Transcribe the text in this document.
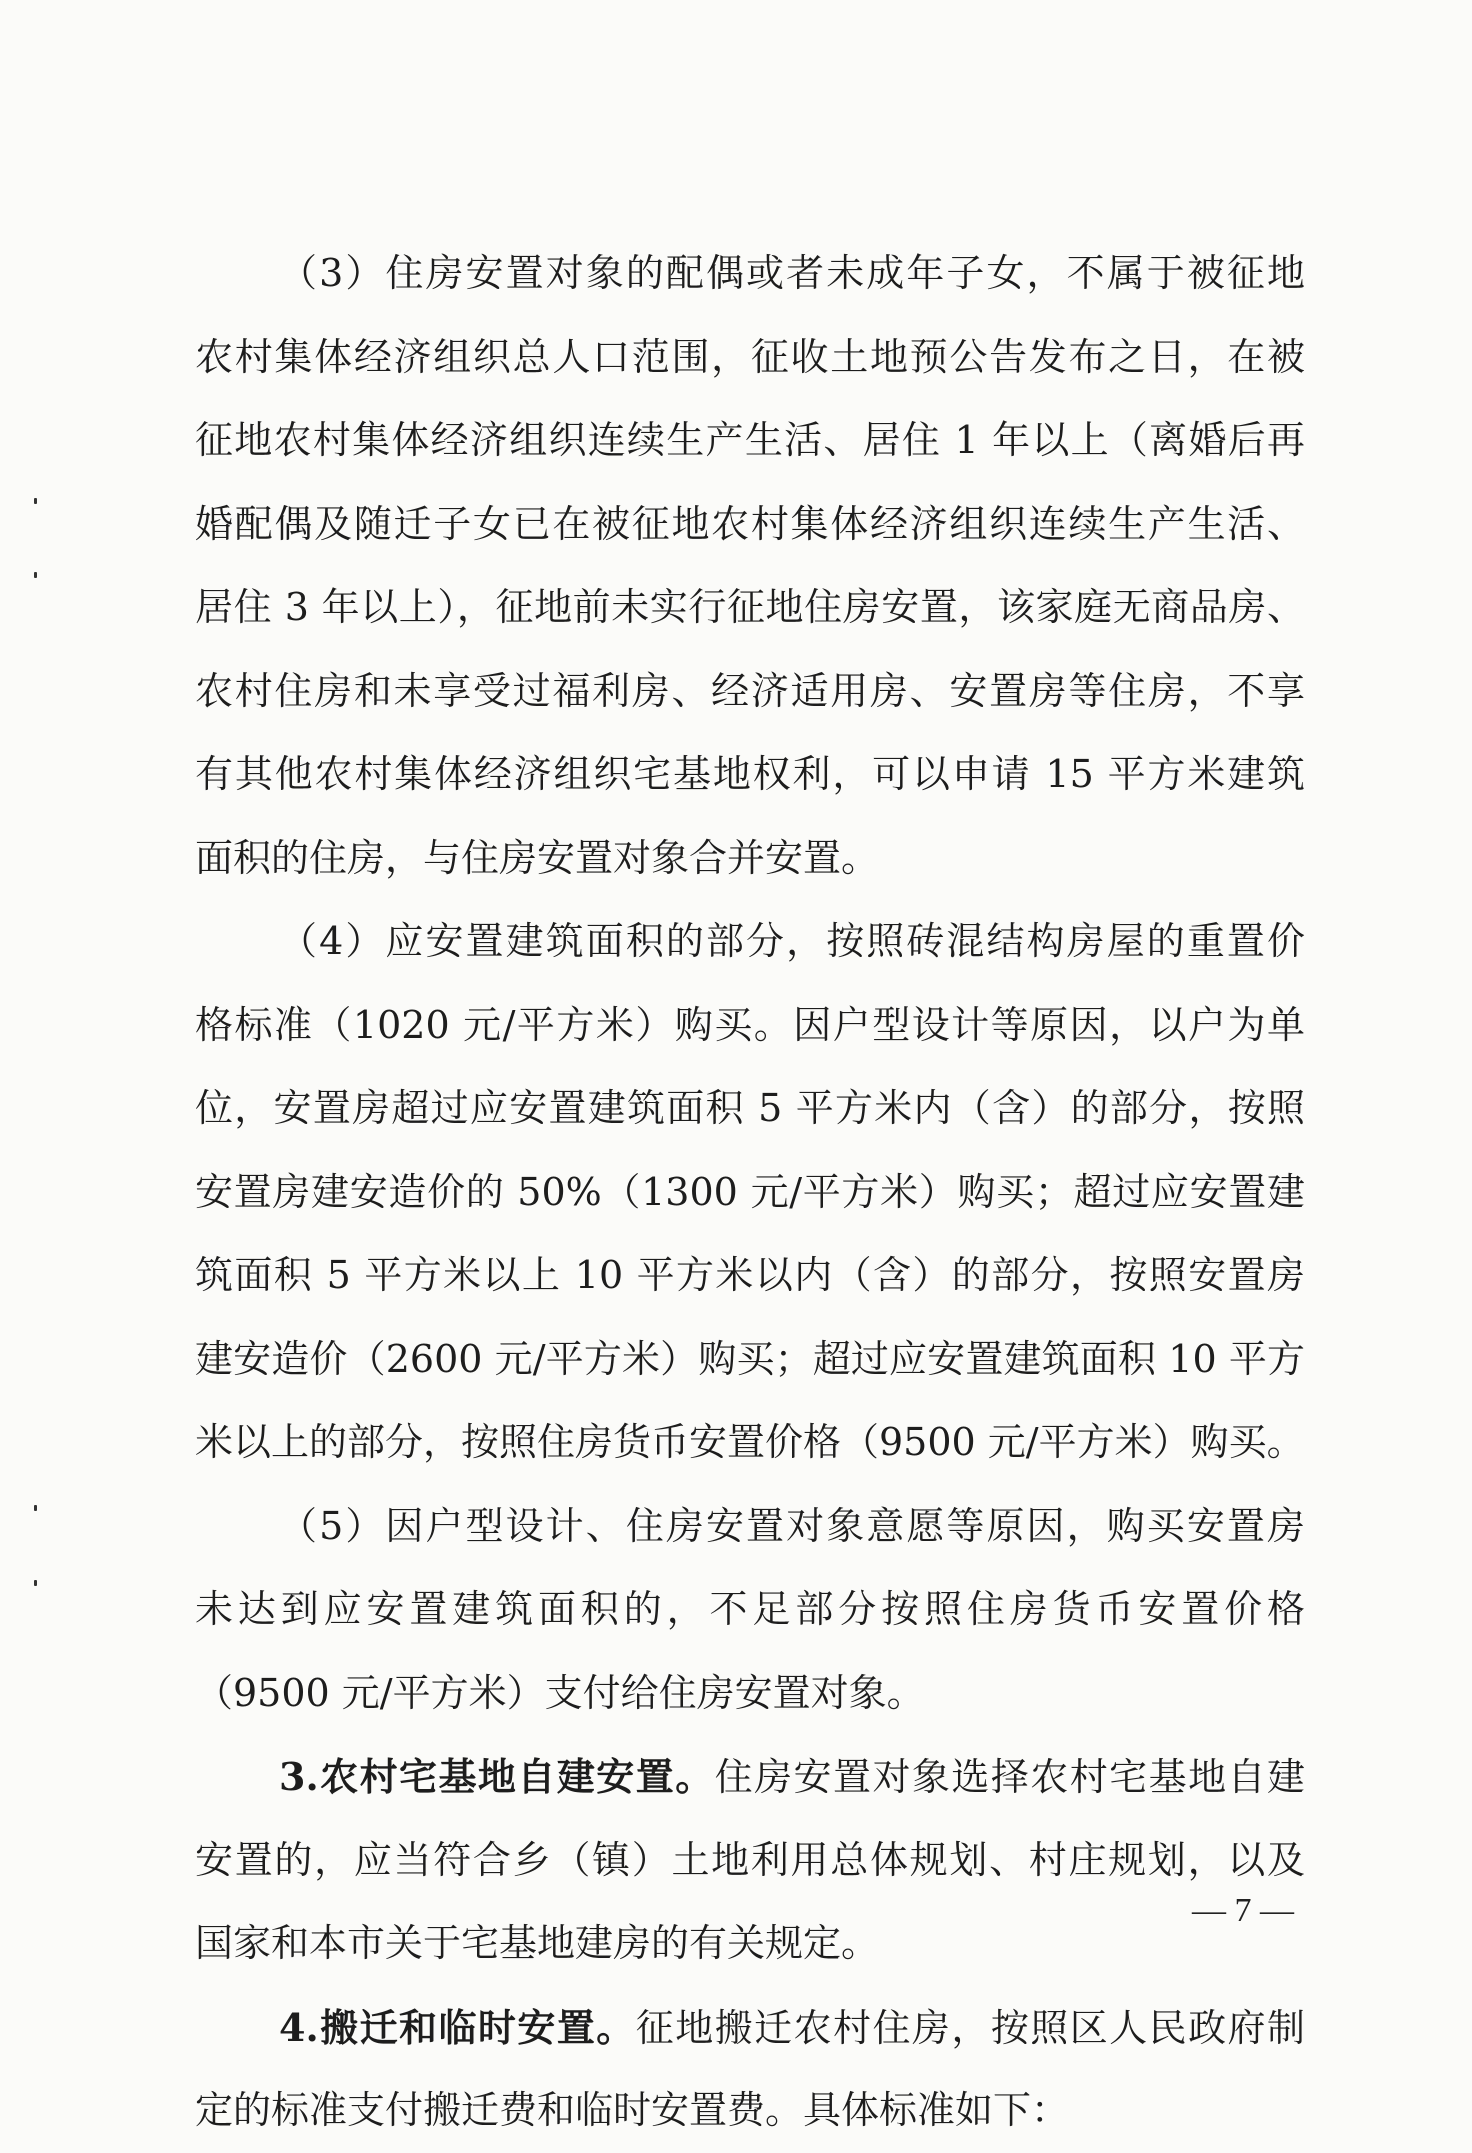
（3）住房安置对象的配偶或者未成年子女，不属于被征地
农村集体经济组织总人口范围，征收土地预公告发布之日，在被
征地农村集体经济组织连续生产生活、居住 1 年以上（离婚后再
婚配偶及随迁子女已在被征地农村集体经济组织连续生产生活、
居住 3 年以上），征地前未实行征地住房安置，该家庭无商品房、
农村住房和未享受过福利房、经济适用房、安置房等住房，不享
有其他农村集体经济组织宅基地权利，可以申请 15 平方米建筑
面积的住房，与住房安置对象合并安置。
（4）应安置建筑面积的部分，按照砖混结构房屋的重置价
格标准（1020 元/平方米）购买。因户型设计等原因，以户为单
位，安置房超过应安置建筑面积 5 平方米内（含）的部分，按照
安置房建安造价的 50%（1300 元/平方米）购买；超过应安置建
筑面积 5 平方米以上 10 平方米以内（含）的部分，按照安置房
建安造价（2600 元/平方米）购买；超过应安置建筑面积 10 平方
米以上的部分，按照住房货币安置价格（9500 元/平方米）购买。
（5）因户型设计、住房安置对象意愿等原因，购买安置房
未达到应安置建筑面积的，不足部分按照住房货币安置价格
（9500 元/平方米）支付给住房安置对象。
3.农村宅基地自建安置。住房安置对象选择农村宅基地自建
安置的，应当符合乡（镇）土地利用总体规划、村庄规划，以及
国家和本市关于宅基地建房的有关规定。
4.搬迁和临时安置。征地搬迁农村住房，按照区人民政府制
定的标准支付搬迁费和临时安置费。具体标准如下：
— 7 —
